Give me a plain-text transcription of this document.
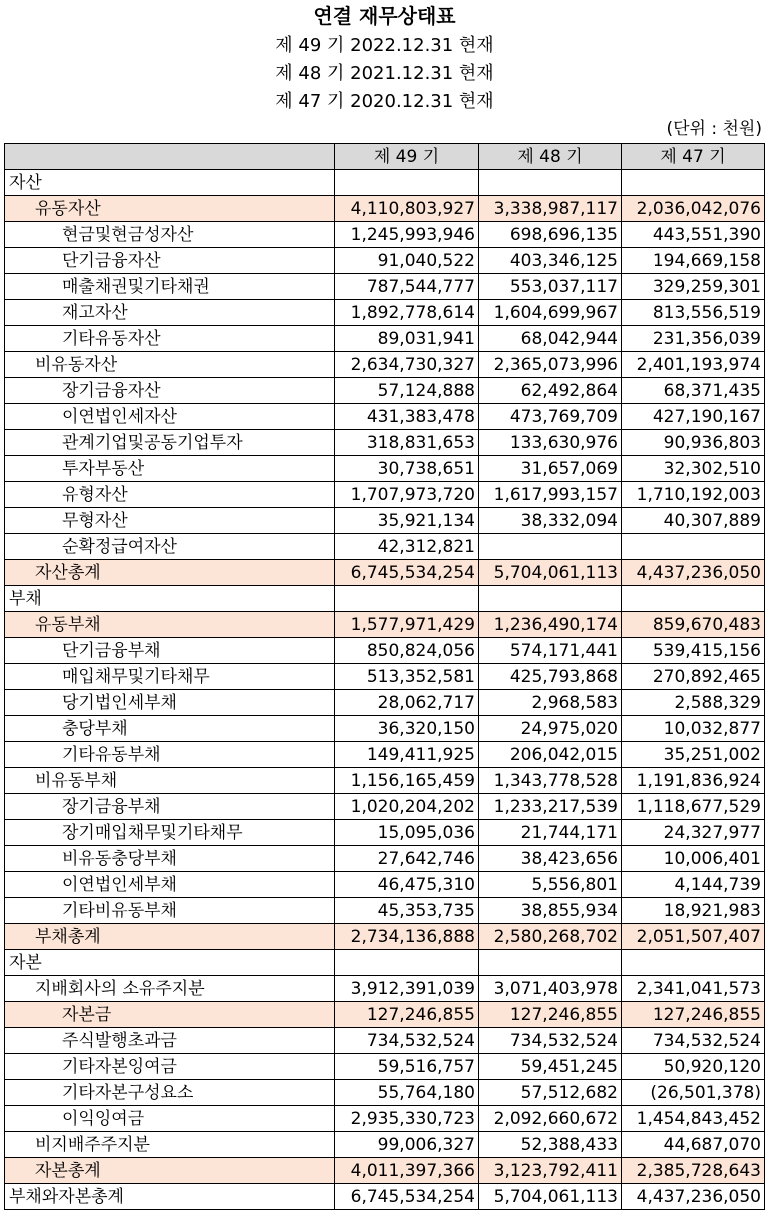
연결 재무상태표
제 49 기 2022.12.31 현재
제 48 기 2021.12.31 현재
제 47 기 2020.12.31 현재
(단위 : 천원)
	제 49 기	제 48 기	제 47 기
자산			
유동자산	4,110,803,927	3,338,987,117	2,036,042,076
현금및현금성자산	1,245,993,946	698,696,135	443,551,390
단기금융자산	91,040,522	403,346,125	194,669,158
매출채권및기타채권	787,544,777	553,037,117	329,259,301
재고자산	1,892,778,614	1,604,699,967	813,556,519
기타유동자산	89,031,941	68,042,944	231,356,039
비유동자산	2,634,730,327	2,365,073,996	2,401,193,974
장기금융자산	57,124,888	62,492,864	68,371,435
이연법인세자산	431,383,478	473,769,709	427,190,167
관계기업및공동기업투자	318,831,653	133,630,976	90,936,803
투자부동산	30,738,651	31,657,069	32,302,510
유형자산	1,707,973,720	1,617,993,157	1,710,192,003
무형자산	35,921,134	38,332,094	40,307,889
순확정급여자산	42,312,821		
자산총계	6,745,534,254	5,704,061,113	4,437,236,050
부채			
유동부채	1,577,971,429	1,236,490,174	859,670,483
단기금융부채	850,824,056	574,171,441	539,415,156
매입채무및기타채무	513,352,581	425,793,868	270,892,465
당기법인세부채	28,062,717	2,968,583	2,588,329
충당부채	36,320,150	24,975,020	10,032,877
기타유동부채	149,411,925	206,042,015	35,251,002
비유동부채	1,156,165,459	1,343,778,528	1,191,836,924
장기금융부채	1,020,204,202	1,233,217,539	1,118,677,529
장기매입채무및기타채무	15,095,036	21,744,171	24,327,977
비유동충당부채	27,642,746	38,423,656	10,006,401
이연법인세부채	46,475,310	5,556,801	4,144,739
기타비유동부채	45,353,735	38,855,934	18,921,983
부채총계	2,734,136,888	2,580,268,702	2,051,507,407
자본			
지배회사의 소유주지분	3,912,391,039	3,071,403,978	2,341,041,573
자본금	127,246,855	127,246,855	127,246,855
주식발행초과금	734,532,524	734,532,524	734,532,524
기타자본잉여금	59,516,757	59,451,245	50,920,120
기타자본구성요소	55,764,180	57,512,682	(26,501,378)
이익잉여금	2,935,330,723	2,092,660,672	1,454,843,452
비지배주주지분	99,006,327	52,388,433	44,687,070
자본총계	4,011,397,366	3,123,792,411	2,385,728,643
부채와자본총계	6,745,534,254	5,704,061,113	4,437,236,050
